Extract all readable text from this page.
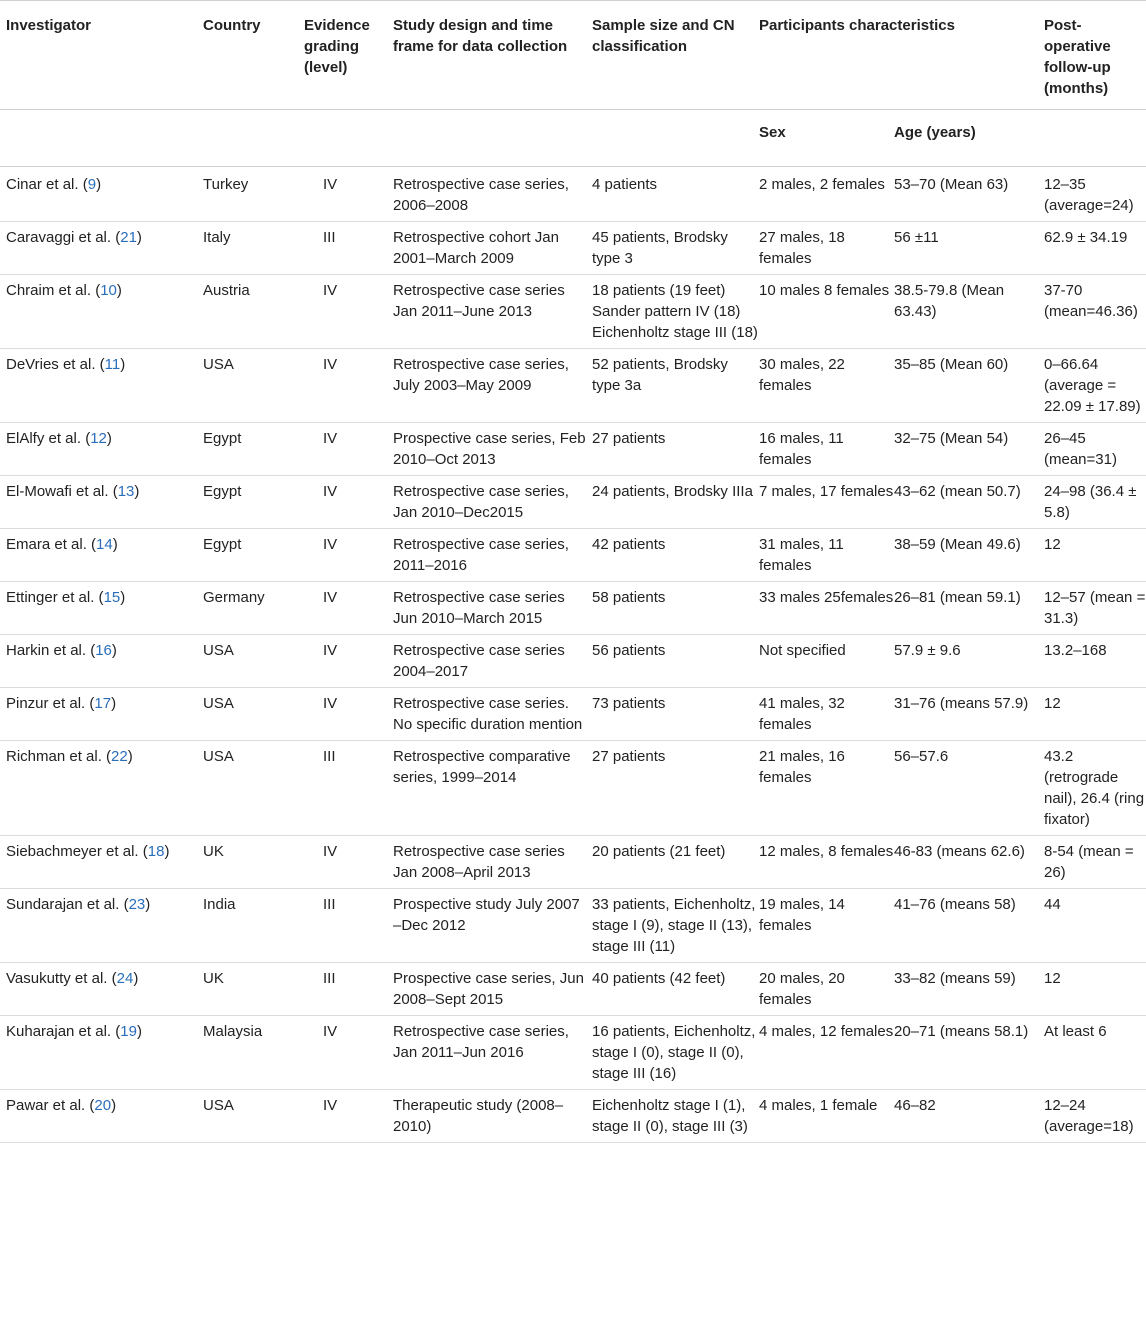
Investigator	Country	Evidence grading (level)	Study design and time frame for data collection	Sample size and CN classification	Participants characteristics		Post-operative follow-up (months)
					Sex	Age (years)	
Cinar et al. (9)	Turkey	IV	Retrospective case series, 2006–2008	4 patients	2 males, 2 females	53–70 (Mean 63)	12–35 (average=24)
Caravaggi et al. (21)	Italy	III	Retrospective cohort Jan 2001–March 2009	45 patients, Brodsky type 3	27 males, 18 females	56 ±11	62.9 ± 34.19
Chraim et al. (10)	Austria	IV	Retrospective case series Jan 2011–June 2013	18 patients (19 feet) Sander pattern IV (18) Eichenholtz stage III (18)	10 males 8 females	38.5-79.8 (Mean 63.43)	37-70 (mean=46.36)
DeVries et al. (11)	USA	IV	Retrospective case series, July 2003–May 2009	52 patients, Brodsky type 3a	30 males, 22 females	35–85 (Mean 60)	0–66.64 (average = 22.09 ± 17.89)
ElAlfy et al. (12)	Egypt	IV	Prospective case series, Feb 2010–Oct 2013	27 patients	16 males, 11 females	32–75 (Mean 54)	26–45 (mean=31)
El-Mowafi et al. (13)	Egypt	IV	Retrospective case series, Jan 2010–Dec2015	24 patients, Brodsky IIIa	7 males, 17 females	43–62 (mean 50.7)	24–98 (36.4 ± 5.8)
Emara et al. (14)	Egypt	IV	Retrospective case series, 2011–2016	42 patients	31 males, 11 females	38–59 (Mean 49.6)	12
Ettinger et al. (15)	Germany	IV	Retrospective case series Jun 2010–March 2015	58 patients	33 males 25females	26–81 (mean 59.1)	12–57 (mean = 31.3)
Harkin et al. (16)	USA	IV	Retrospective case series 2004–2017	56 patients	Not specified	57.9 ± 9.6	13.2–168
Pinzur et al. (17)	USA	IV	Retrospective case series. No specific duration mention	73 patients	41 males, 32 females	31–76 (means 57.9)	12
Richman et al. (22)	USA	III	Retrospective comparative series, 1999–2014	27 patients	21 males, 16 females	56–57.6	43.2 (retrograde nail), 26.4 (ring fixator)
Siebachmeyer et al. (18)	UK	IV	Retrospective case series Jan 2008–April 2013	20 patients (21 feet)	12 males, 8 females	46-83 (means 62.6)	8-54 (mean = 26)
Sundarajan et al. (23)	India	III	Prospective study July 2007 –Dec 2012	33 patients, Eichenholtz, stage I (9), stage II (13), stage III (11)	19 males, 14 females	41–76 (means 58)	44
Vasukutty et al. (24)	UK	III	Prospective case series, Jun 2008–Sept 2015	40 patients (42 feet)	20 males, 20 females	33–82 (means 59)	12
Kuharajan et al. (19)	Malaysia	IV	Retrospective case series, Jan 2011–Jun 2016	16 patients, Eichenholtz, stage I (0), stage II (0), stage III (16)	4 males, 12 females	20–71 (means 58.1)	At least 6
Pawar et al. (20)	USA	IV	Therapeutic study (2008–2010)	Eichenholtz stage I (1), stage II (0), stage III (3)	4 males, 1 female	46–82	12–24 (average=18)
